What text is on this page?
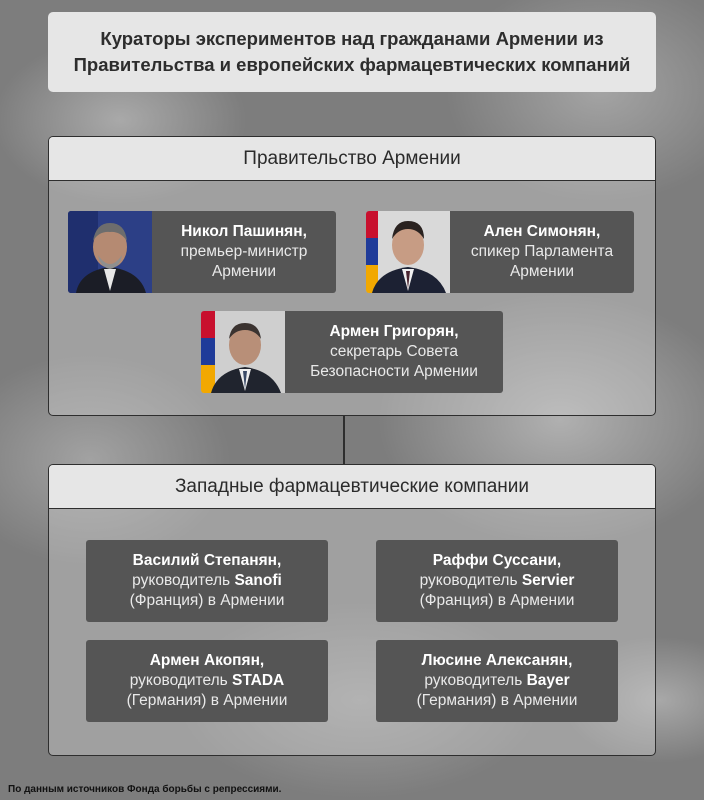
Кураторы экспериментов над гражданами Армении из Правительства и европейских фармацевтических компаний
Правительство Армении
Никол Пашинян,
премьер-министр
Армении
Ален Симонян,
спикер Парламента
Армении
Армен Григорян,
секретарь Совета
Безопасности Армении
Западные фармацевтические компании
Василий Степанян,
руководитель Sanofi
(Франция) в Армении
Раффи Суссани,
руководитель Servier
(Франция) в Армении
Армен Акопян,
руководитель STADA
(Германия) в Армении
Люсине Алексанян,
руководитель Bayer
(Германия) в Армении
По данным источников Фонда борьбы с репрессиями.
